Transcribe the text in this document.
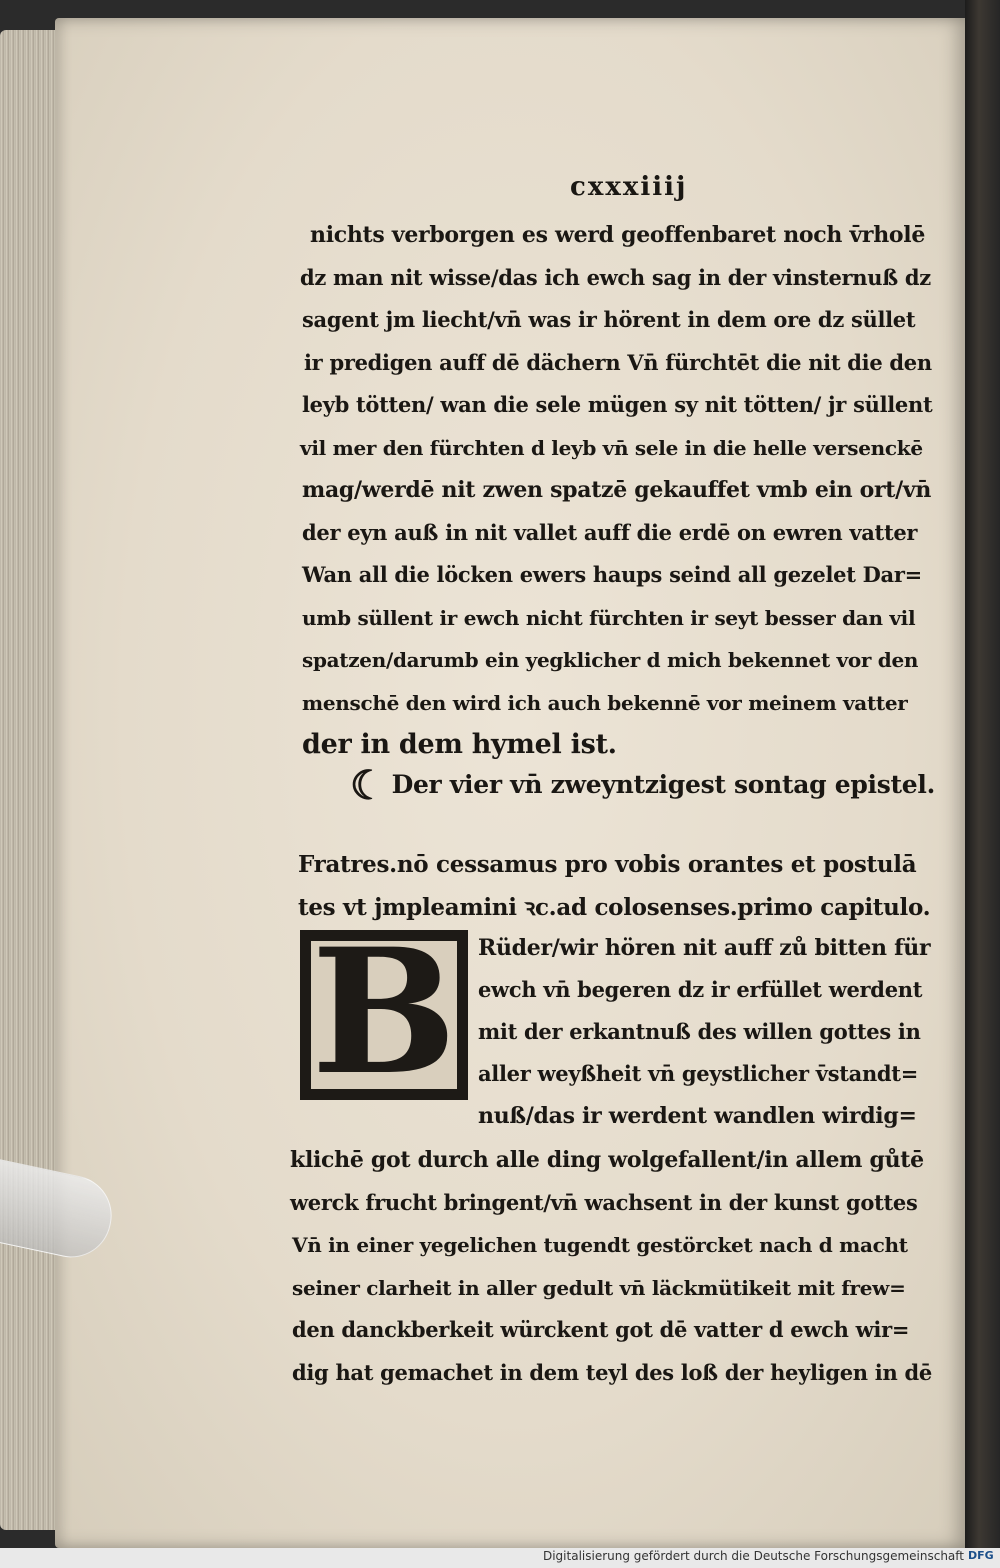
cxxxiiij
nichts verborgen es werd geoffenbaret noch v̄rholē
dz man nit wisse/das ich ewch sag in der vinsternuß dz
sagent jm liecht/vn̄ was ir hörent in dem ore dz süllet
ir predigen auff dē dächern Vn̄ fürchtēt die nit die den
leyb tötten/ wan die sele mügen sy nit tötten/ jr süllent
vil mer den fürchten d leyb vn̄ sele in die helle versenckē
mag/werdē nit zwen spatzē gekauffet vmb ein ort/vn̄
der eyn auß in nit vallet auff die erdē on ewren vatter
Wan all die löcken ewers haups seind all gezelet Dar=
umb süllent ir ewch nicht fürchten ir seyt besser dan vil
spatzen/darumb ein yegklicher d mich bekennet vor den
menschē den wird ich auch bekennē vor meinem vatter
der in dem hymel ist.
☾ Der vier vn̄ zweyntzigest sontag epistel.
Fratres.nō cessamus pro vobis orantes et postulā
tes vt jmpleamini ꝛc.ad colosenses.primo capitulo.
B Rüder/wir hören nit auff zů bitten für
ewch vn̄ begeren dz ir erfüllet werdent
mit der erkantnuß des willen gottes in
aller weyßheit vn̄ geystlicher v̄standt=
nuß/das ir werdent wandlen wirdig=
klichē got durch alle ding wolgefallent/in allem gůtē
werck frucht bringent/vn̄ wachsent in der kunst gottes
Vn̄ in einer yegelichen tugendt gestörcket nach d macht
seiner clarheit in aller gedult vn̄ läckmütikeit mit frew=
den danckberkeit würckent got dē vatter d ewch wir=
dig hat gemachet in dem teyl des loß der heyligen in dē
Digitalisierung gefördert durch die Deutsche Forschungsgemeinschaft DFG
